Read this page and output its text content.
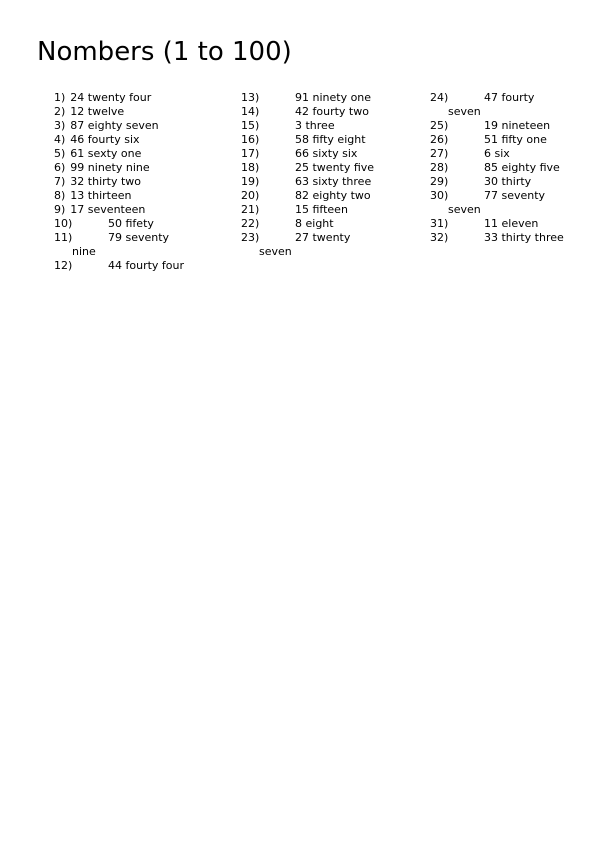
Nombers (1 to 100)
1) 24 twenty four
2) 12 twelve
3) 87 eighty seven
4) 46 fourty six
5) 61 sexty one
6) 99 ninety nine
7) 32 thirty two
8) 13 thirteen
9) 17 seventeen
10)	50 fifety
11)	79 seventy
nine
12)	44 fourty four
13)	91 ninety one
14)	42 fourty two
15)	3 three
16)	58 fifty eight
17)	66 sixty six
18)	25 twenty five
19)	63 sixty three
20)	82 eighty two
21)	15 fifteen
22)	8 eight
23)	27 twenty
seven
24)	47 fourty
seven
25)	19 nineteen
26)	51 fifty one
27)	6 six
28)	85 eighty five
29)	30 thirty
30)	77 seventy
seven
31)	11 eleven
32)	33 thirty three
